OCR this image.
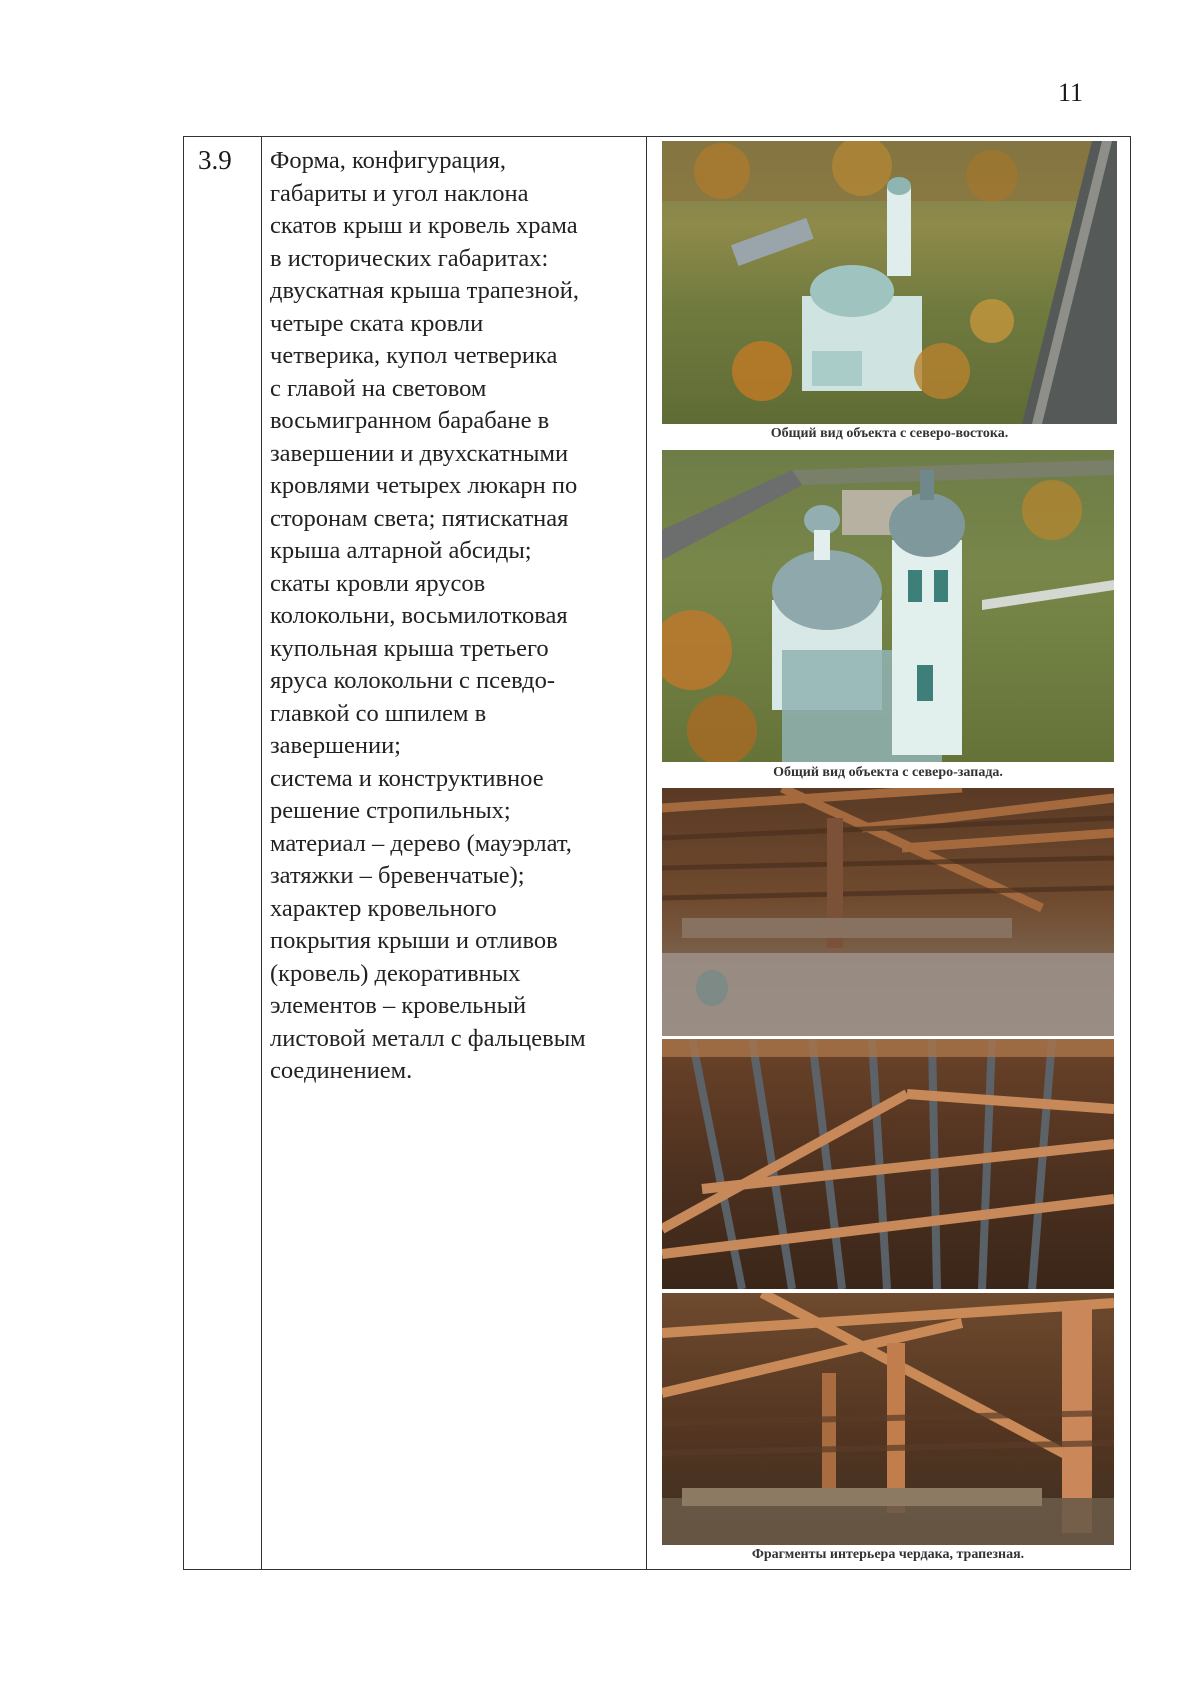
11
3.9 Форма, конфигурация,
габариты и угол наклона
скатов крыш и кровель храма
в исторических габаритах:
двускатная крыша трапезной,
четыре ската кровли
четверика, купол четверика
с главой на световом
восьмигранном барабане в
завершении и двухскатными
кровлями четырех люкарн по
сторонам света; пятискатная
крыша алтарной абсиды;
скаты кровли ярусов
колокольни, восьмилотковая
купольная крыша третьего
яруса колокольни с псевдо-
главкой со шпилем в
завершении;
система и конструктивное
решение стропильных;
материал – дерево (мауэрлат,
затяжки – бревенчатые);
характер кровельного
покрытия крыши и отливов
(кровель) декоративных
элементов – кровельный
листовой металл с фальцевым
соединением.
Общий вид объекта с северо-востока.
Общий вид объекта с северо-запада.
Фрагменты интерьера чердака, трапезная.
